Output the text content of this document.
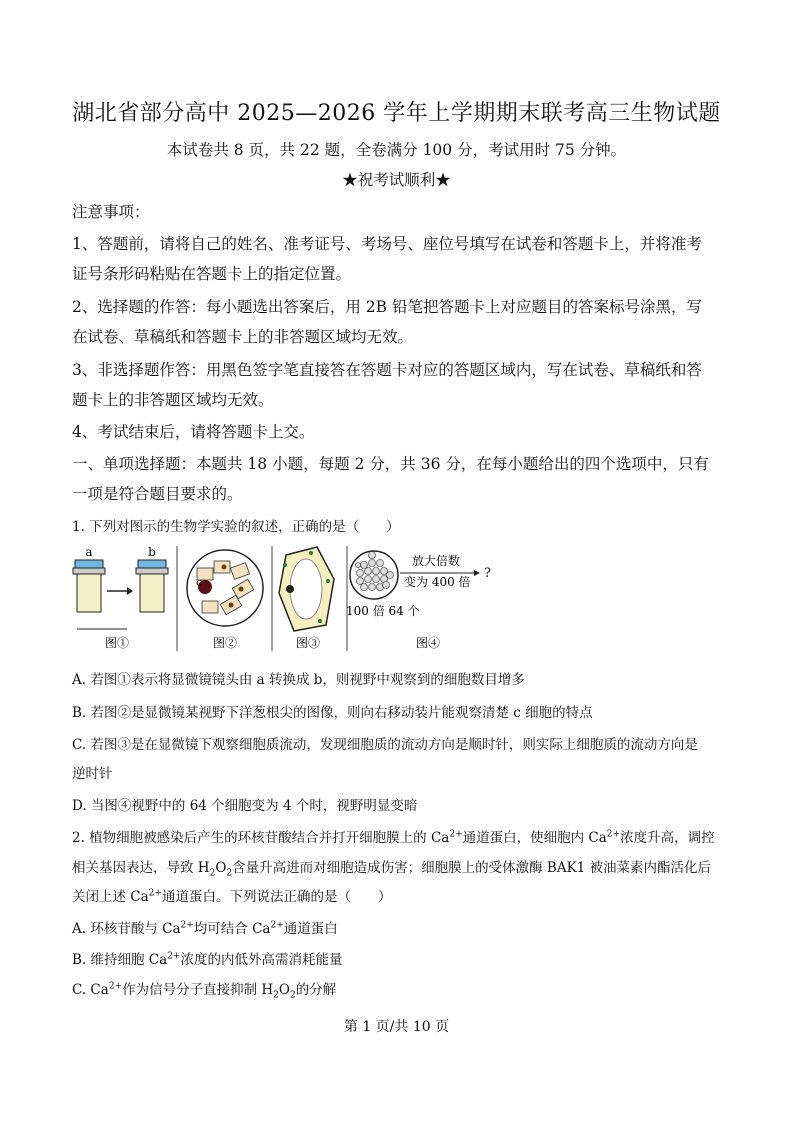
湖北省部分高中 2025—2026 学年上学期期末联考高三生物试题
本试卷共 8 页，共 22 题，全卷满分 100 分，考试用时 75 分钟。
★祝考试顺利★
注意事项：
1、答题前，请将自己的姓名、准考证号、考场号、座位号填写在试卷和答题卡上，并将准考
证号条形码粘贴在答题卡上的指定位置。
2、选择题的作答：每小题选出答案后，用 2B 铅笔把答题卡上对应题目的答案标号涂黑，写
在试卷、草稿纸和答题卡上的非答题区域均无效。
3、非选择题作答：用黑色签字笔直接答在答题卡对应的答题区域内，写在试卷、草稿纸和答
题卡上的非答题区域均无效。
4、考试结束后，请将答题卡上交。
一、单项选择题：本题共 18 小题，每题 2 分，共 36 分，在每小题给出的四个选项中，只有
一项是符合题目要求的。
1. 下列对图示的生物学实验的叙述，正确的是（　　）
a	b
图①
c
图②	图③
放大倍数
?
变为 400 倍
100 倍 64 个
图④
A. 若图①表示将显微镜镜头由 a 转换成 b，则视野中观察到的细胞数目增多
B. 若图②是显微镜某视野下洋葱根尖的图像，则向右移动装片能观察清楚 c 细胞的特点
C. 若图③是在显微镜下观察细胞质流动，发现细胞质的流动方向是顺时针，则实际上细胞质的流动方向是
逆时针
D. 当图④视野中的 64 个细胞变为 4 个时，视野明显变暗
2. 植物细胞被感染后产生的环核苷酸结合并打开细胞膜上的 $Ca^{2+}$通道蛋白，使细胞内 $Ca^{2+}$浓度升高，调控
相关基因表达，导致 $H_2O_2$含量升高进而对细胞造成伤害；细胞膜上的受体激酶 BAK1 被油菜素内酯活化后
关闭上述 $Ca^{2+}$通道蛋白。下列说法正确的是（　　）
A. 环核苷酸与 $Ca^{2+}$均可结合 $Ca^{2+}$通道蛋白
B. 维持细胞 $Ca^{2+}$浓度的内低外高需消耗能量
C. $Ca^{2+}$作为信号分子直接抑制 $H_2O_2$的分解
第 1 页/共 10 页
